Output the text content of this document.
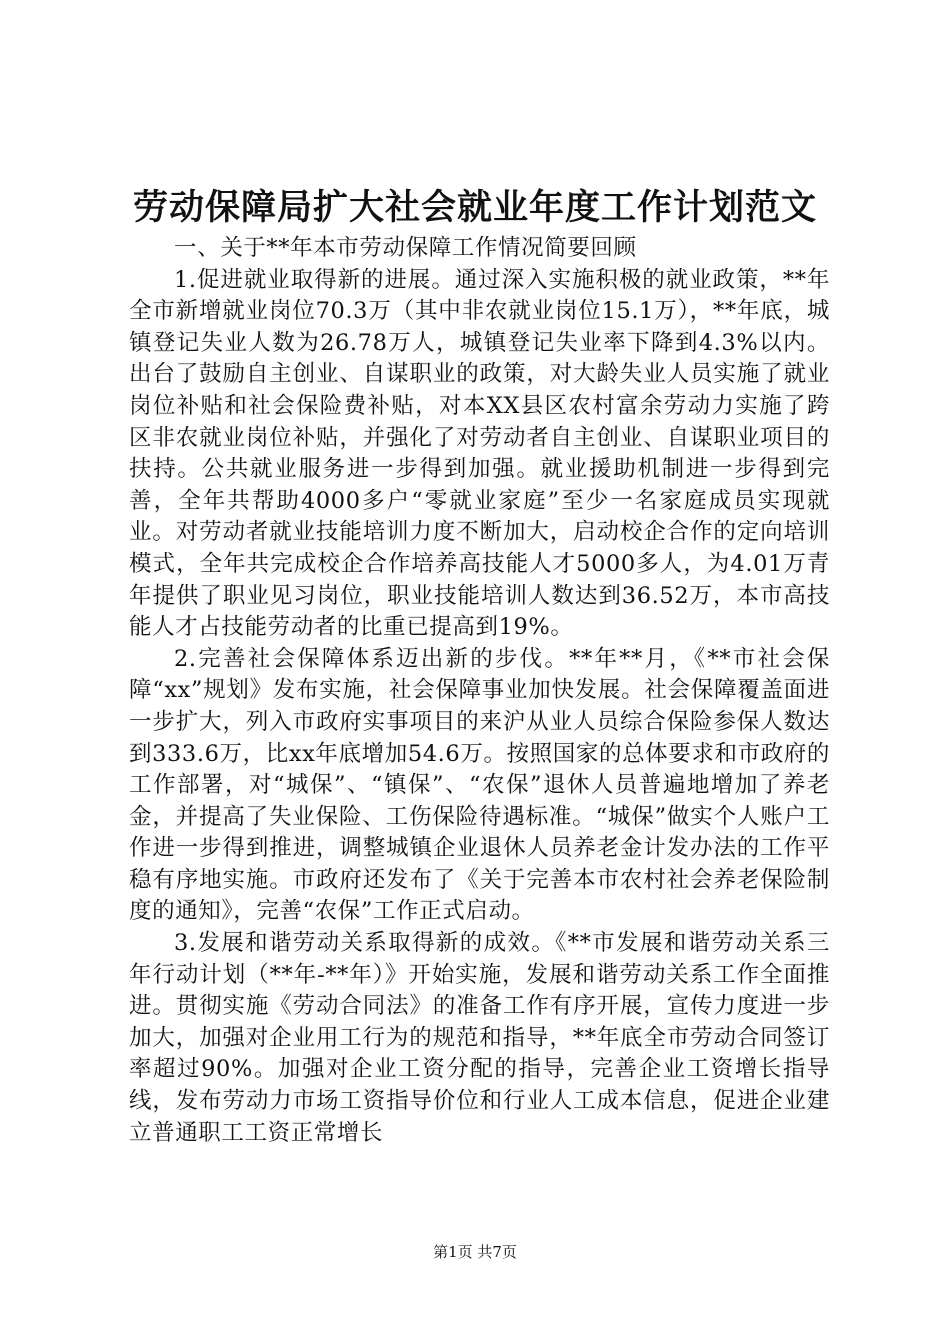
劳动保障局扩大社会就业年度工作计划范文

一、关于**年本市劳动保障工作情况简要回顾

1.促进就业取得新的进展。通过深入实施积极的就业政策，**年全市新增就业岗位70.3万（其中非农就业岗位15.1万），**年底，城镇登记失业人数为26.78万人，城镇登记失业率下降到4.3%以内。出台了鼓励自主创业、自谋职业的政策，对大龄失业人员实施了就业岗位补贴和社会保险费补贴，对本XX县区农村富余劳动力实施了跨区非农就业岗位补贴，并强化了对劳动者自主创业、自谋职业项目的扶持。公共就业服务进一步得到加强。就业援助机制进一步得到完善，全年共帮助4000多户“零就业家庭”至少一名家庭成员实现就业。对劳动者就业技能培训力度不断加大，启动校企合作的定向培训模式，全年共完成校企合作培养高技能人才5000多人，为4.01万青年提供了职业见习岗位，职业技能培训人数达到36.52万，本市高技能人才占技能劳动者的比重已提高到19%。

2.完善社会保障体系迈出新的步伐。**年**月，《**市社会保障“xx”规划》发布实施，社会保障事业加快发展。社会保障覆盖面进一步扩大，列入市政府实事项目的来沪从业人员综合保险参保人数达到333.6万，比xx年底增加54.6万。按照国家的总体要求和市政府的工作部署，对“城保”、“镇保”、“农保”退休人员普遍地增加了养老金，并提高了失业保险、工伤保险待遇标准。“城保”做实个人账户工作进一步得到推进，调整城镇企业退休人员养老金计发办法的工作平稳有序地实施。市政府还发布了《关于完善本市农村社会养老保险制度的通知》，完善“农保”工作正式启动。

3.发展和谐劳动关系取得新的成效。《**市发展和谐劳动关系三年行动计划（**年-**年）》开始实施，发展和谐劳动关系工作全面推进。贯彻实施《劳动合同法》的准备工作有序开展，宣传力度进一步加大，加强对企业用工行为的规范和指导，**年底全市劳动合同签订率超过90%。加强对企业工资分配的指导，完善企业工资增长指导线，发布劳动力市场工资指导价位和行业人工成本信息，促进企业建立普通职工工资正常增长

第1页 共7页
